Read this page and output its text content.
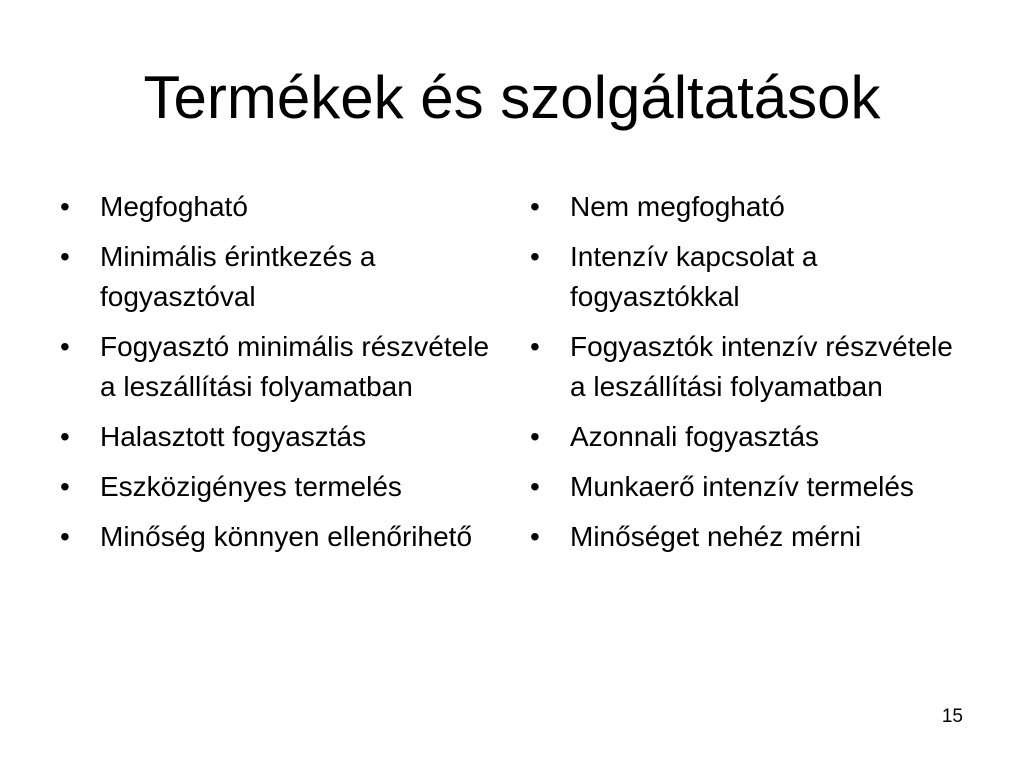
Termékek és szolgáltatások
•	Megfogható
•	Minimális érintkezés a fogyasztóval
•	Fogyasztó minimális részvétele a leszállítási folyamatban
•	Halasztott fogyasztás
•	Eszközigényes termelés
•	Minőség könnyen ellenőrihető
•	Nem megfogható
•	Intenzív kapcsolat a fogyasztókkal
•	Fogyasztók intenzív részvétele a leszállítási folyamatban
•	Azonnali fogyasztás
•	Munkaerő intenzív termelés
•	Minőséget nehéz mérni
15
